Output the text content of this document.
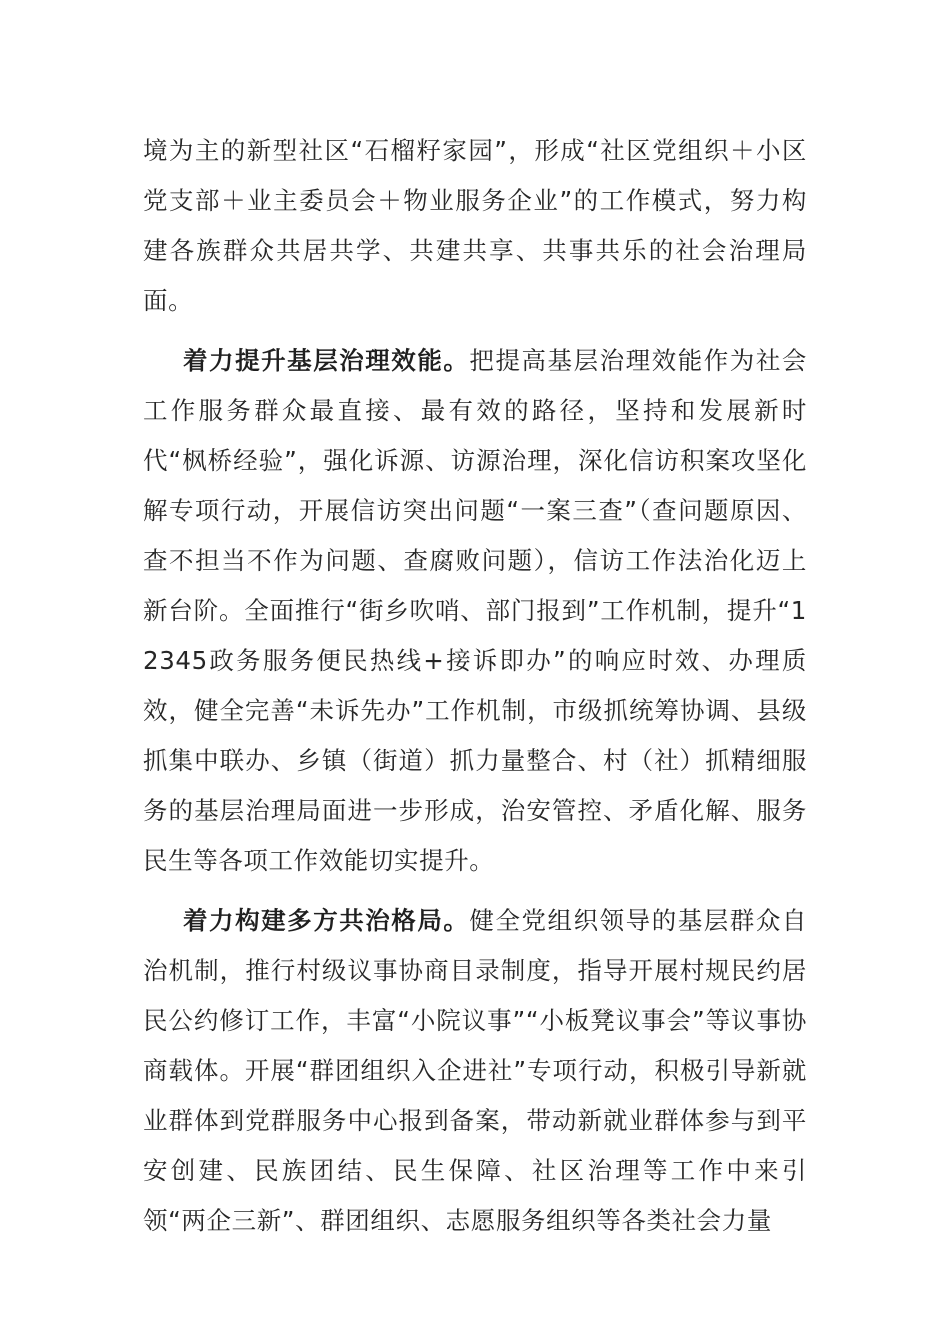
境为主的新型社区“石榴籽家园”，形成“社区党组织＋小区党支部＋业主委员会＋物业服务企业”的工作模式，努力构建各族群众共居共学、共建共享、共事共乐的社会治理局面。

着力提升基层治理效能。把提高基层治理效能作为社会工作服务群众最直接、最有效的路径，坚持和发展新时代“枫桥经验”，强化诉源、访源治理，深化信访积案攻坚化解专项行动，开展信访突出问题“一案三查”（查问题原因、查不担当不作为问题、查腐败问题），信访工作法治化迈上新台阶。全面推行“街乡吹哨、部门报到”工作机制，提升“12345政务服务便民热线+接诉即办”的响应时效、办理质效，健全完善“未诉先办”工作机制，市级抓统筹协调、县级抓集中联办、乡镇（街道）抓力量整合、村（社）抓精细服务的基层治理局面进一步形成，治安管控、矛盾化解、服务民生等各项工作效能切实提升。

着力构建多方共治格局。健全党组织领导的基层群众自治机制，推行村级议事协商目录制度，指导开展村规民约居民公约修订工作，丰富“小院议事”“小板凳议事会”等议事协商载体。开展“群团组织入企进社”专项行动，积极引导新就业群体到党群服务中心报到备案，带动新就业群体参与到平安创建、民族团结、民生保障、社区治理等工作中来引领“两企三新”、群团组织、志愿服务组织等各类社会力量
